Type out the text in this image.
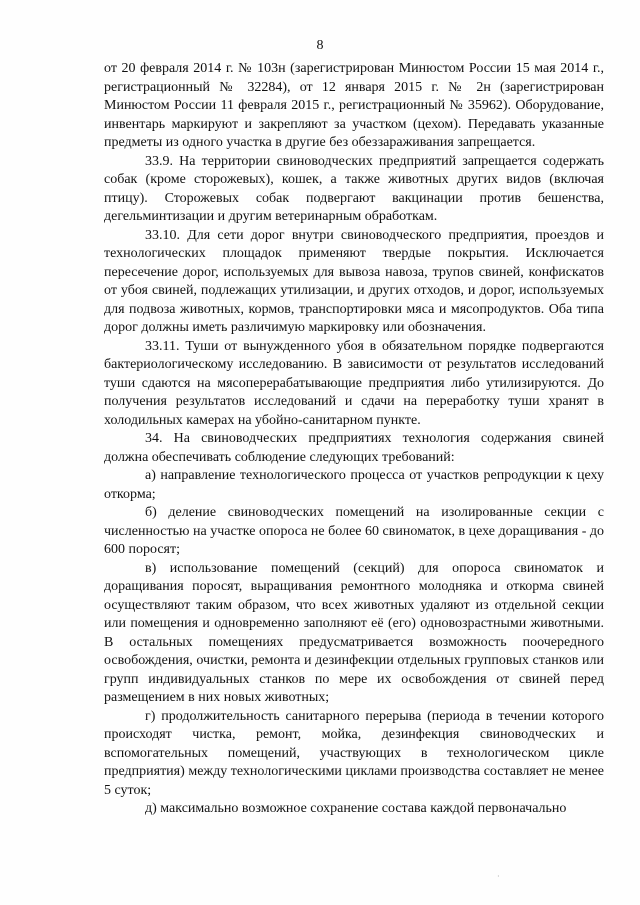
8

от 20 февраля 2014 г. № 103н (зарегистрирован Минюстом России 15 мая 2014 г., регистрационный № 32284), от 12 января 2015 г. № 2н (зарегистрирован Минюстом России 11 февраля 2015 г., регистрационный № 35962). Оборудование, инвентарь маркируют и закрепляют за участком (цехом). Передавать указанные предметы из одного участка в другие без обеззараживания запрещается.

33.9. На территории свиноводческих предприятий запрещается содержать собак (кроме сторожевых), кошек, а также животных других видов (включая птицу). Сторожевых собак подвергают вакцинации против бешенства, дегельминтизации и другим ветеринарным обработкам.

33.10. Для сети дорог внутри свиноводческого предприятия, проездов и технологических площадок применяют твердые покрытия. Исключается пересечение дорог, используемых для вывоза навоза, трупов свиней, конфискатов от убоя свиней, подлежащих утилизации, и других отходов, и дорог, используемых для подвоза животных, кормов, транспортировки мяса и мясопродуктов. Оба типа дорог должны иметь различимую маркировку или обозначения.

33.11. Туши от вынужденного убоя в обязательном порядке подвергаются бактериологическому исследованию. В зависимости от результатов исследований туши сдаются на мясоперерабатывающие предприятия либо утилизируются. До получения результатов исследований и сдачи на переработку туши хранят в холодильных камерах на убойно-санитарном пункте.

34. На свиноводческих предприятиях технология содержания свиней должна обеспечивать соблюдение следующих требований:

а) направление технологического процесса от участков репродукции к цеху откорма;

б) деление свиноводческих помещений на изолированные секции с численностью на участке опороса не более 60 свиноматок, в цехе доращивания - до 600 поросят;

в) использование помещений (секций) для опороса свиноматок и доращивания поросят, выращивания ремонтного молодняка и откорма свиней осуществляют таким образом, что всех животных удаляют из отдельной секции или помещения и одновременно заполняют её (его) одновозрастными животными. В остальных помещениях предусматривается возможность поочередного освобождения, очистки, ремонта и дезинфекции отдельных групповых станков или групп индивидуальных станков по мере их освобождения от свиней перед размещением в них новых животных;

г) продолжительность санитарного перерыва (периода в течении которого происходят чистка, ремонт, мойка, дезинфекция свиноводческих и вспомогательных помещений, участвующих в технологическом цикле предприятия) между технологическими циклами производства составляет не менее 5 суток;

д) максимально возможное сохранение состава каждой первоначально

·
